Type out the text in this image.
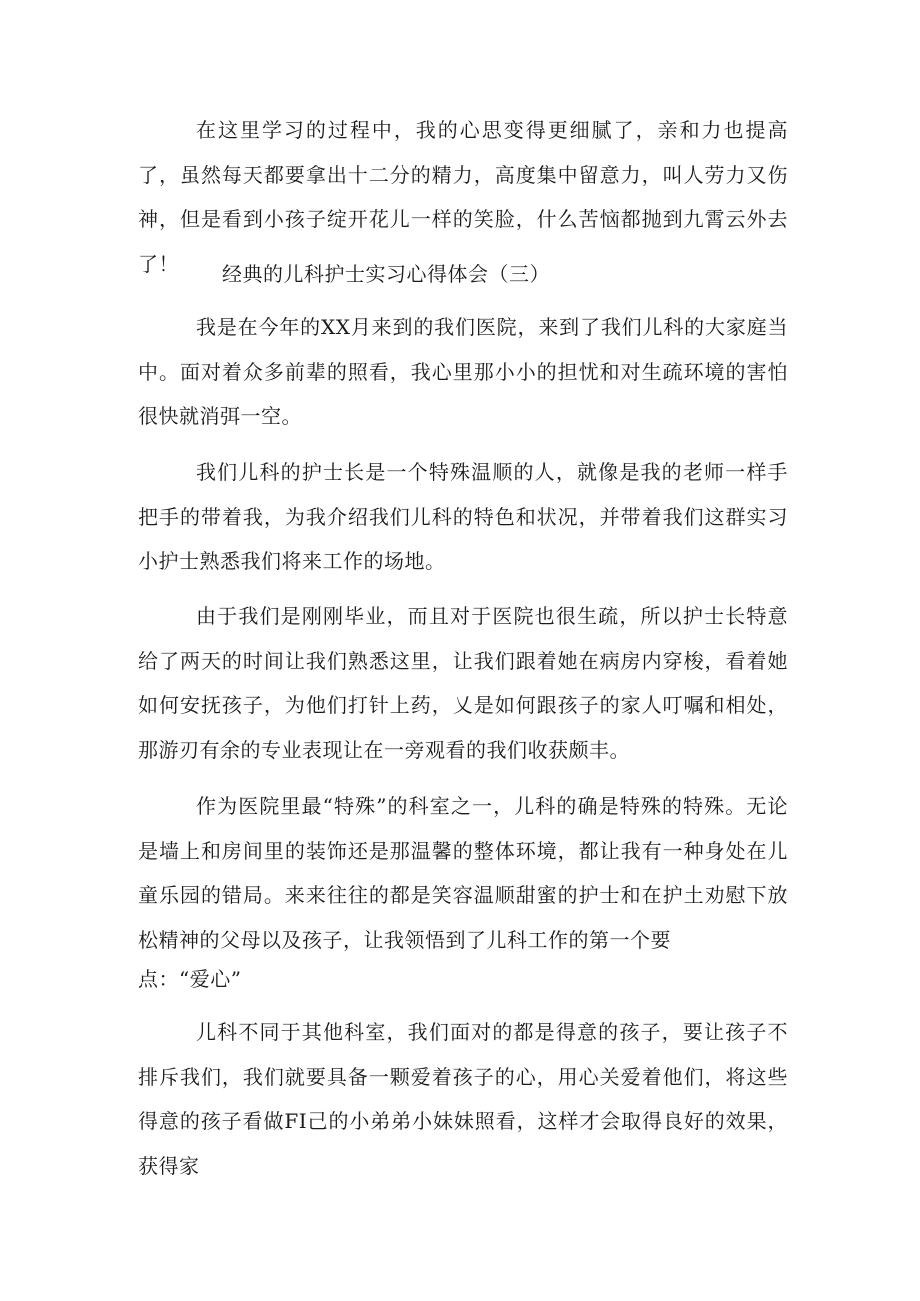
在这里学习的过程中，我的心思变得更细腻了，亲和力也提高了，虽然每天都要拿出十二分的精力，高度集中留意力，叫人劳力又伤神，但是看到小孩子绽开花儿一样的笑脸，什么苦恼都抛到九霄云外去了！	经典的儿科护士实习心得体会（三）

我是在今年的XX月来到的我们医院，来到了我们儿科的大家庭当中。面对着众多前辈的照看，我心里那小小的担忧和对生疏环境的害怕很快就消弭一空。

我们儿科的护士长是一个特殊温顺的人，就像是我的老师一样手把手的带着我，为我介绍我们儿科的特色和状况，并带着我们这群实习小护士熟悉我们将来工作的场地。

由于我们是刚刚毕业，而且对于医院也很生疏，所以护士长特意给了两天的时间让我们熟悉这里，让我们跟着她在病房内穿梭，看着她如何安抚孩子，为他们打针上药，乂是如何跟孩子的家人叮嘱和相处，那游刃有余的专业表现让在一旁观看的我们收获颇丰。

作为医院里最“特殊”的科室之一，儿科的确是特殊的特殊。无论是墙上和房间里的装饰还是那温馨的整体环境，都让我有一种身处在儿童乐园的错局。来来往往的都是笑容温顺甜蜜的护士和在护土劝慰下放松精神的父母以及孩子，让我领悟到了儿科工作的第一个要
点：“爱心”

儿科不同于其他科室，我们面对的都是得意的孩子，要让孩子不排斥我们，我们就要具备一颗爱着孩子的心，用心关爱着他们，将这些得意的孩子看做FI己的小弟弟小妹妹照看，这样才会取得良好的效果，获得家
